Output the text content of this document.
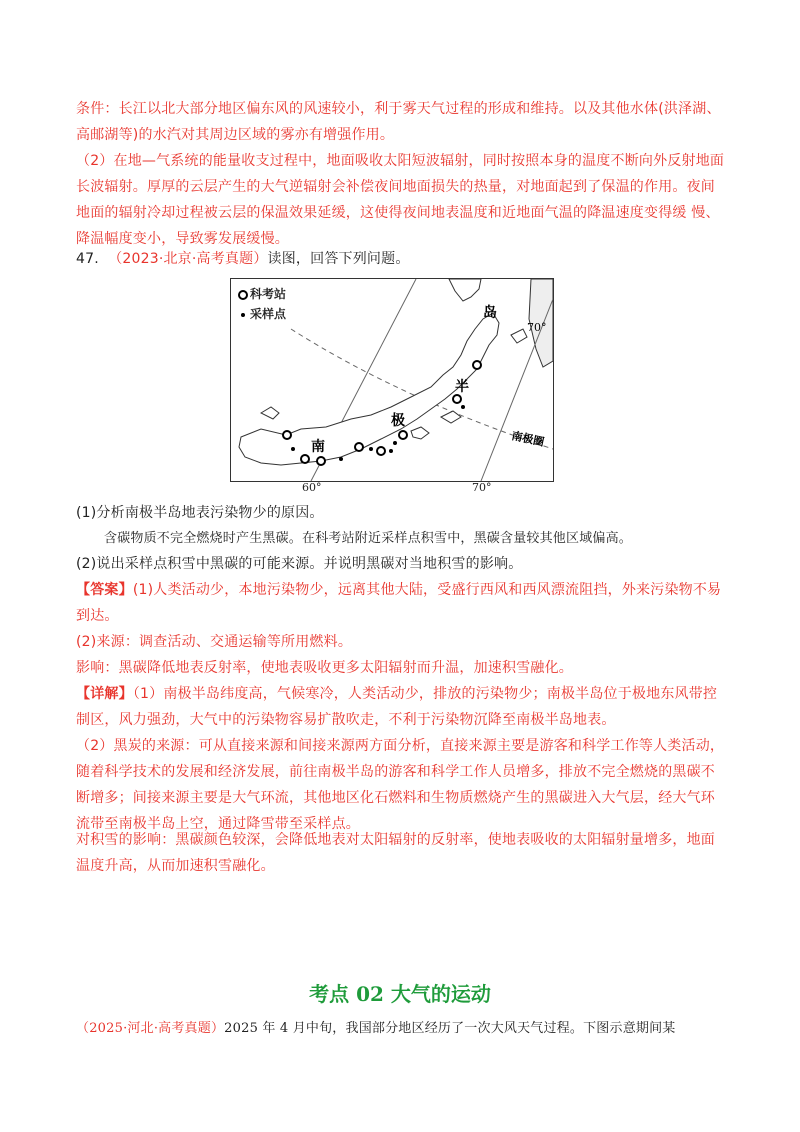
条件：长江以北大部分地区偏东风的风速较小，利于雾天气过程的形成和维持。以及其他水体(洪泽湖、高邮湖等)的水汽对其周边区域的雾亦有增强作用。
（2）在地—气系统的能量收支过程中，地面吸收太阳短波辐射，同时按照本身的温度不断向外反射地面长波辐射。厚厚的云层产生的大气逆辐射会补偿夜间地面损失的热量，对地面起到了保温的作用。夜间地面的辐射冷却过程被云层的保温效果延缓，这使得夜间地表温度和近地面气温的降温速度变得缓 慢、降温幅度变小，导致雾发展缓慢。
47. （2023·北京·高考真题）读图，回答下列问题。
岛
半
极
南	南极圈
70°
科考站
采样点
60°	70°
(1)分析南极半岛地表污染物少的原因。
含碳物质不完全燃烧时产生黑碳。在科考站附近采样点积雪中，黑碳含量较其他区域偏高。
(2)说出采样点积雪中黑碳的可能来源。并说明黑碳对当地积雪的影响。
【答案】(1)人类活动少，本地污染物少，远离其他大陆，受盛行西风和西风漂流阻挡，外来污染物不易到达。
(2)来源：调查活动、交通运输等所用燃料。
影响：黑碳降低地表反射率，使地表吸收更多太阳辐射而升温，加速积雪融化。
【详解】（1）南极半岛纬度高，气候寒冷，人类活动少，排放的污染物少；南极半岛位于极地东风带控制区，风力强劲，大气中的污染物容易扩散吹走，不利于污染物沉降至南极半岛地表。
（2）黑炭的来源：可从直接来源和间接来源两方面分析，直接来源主要是游客和科学工作等人类活动，随着科学技术的发展和经济发展，前往南极半岛的游客和科学工作人员增多，排放不完全燃烧的黑碳不断增多；间接来源主要是大气环流，其他地区化石燃料和生物质燃烧产生的黑碳进入大气层，经大气环流带至南极半岛上空，通过降雪带至采样点。
对积雪的影响：黑碳颜色较深，会降低地表对太阳辐射的反射率，使地表吸收的太阳辐射量增多，地面温度升高，从而加速积雪融化。
考点 02 大气的运动
（2025·河北·高考真题）2025 年 4 月中旬，我国部分地区经历了一次大风天气过程。下图示意期间某
